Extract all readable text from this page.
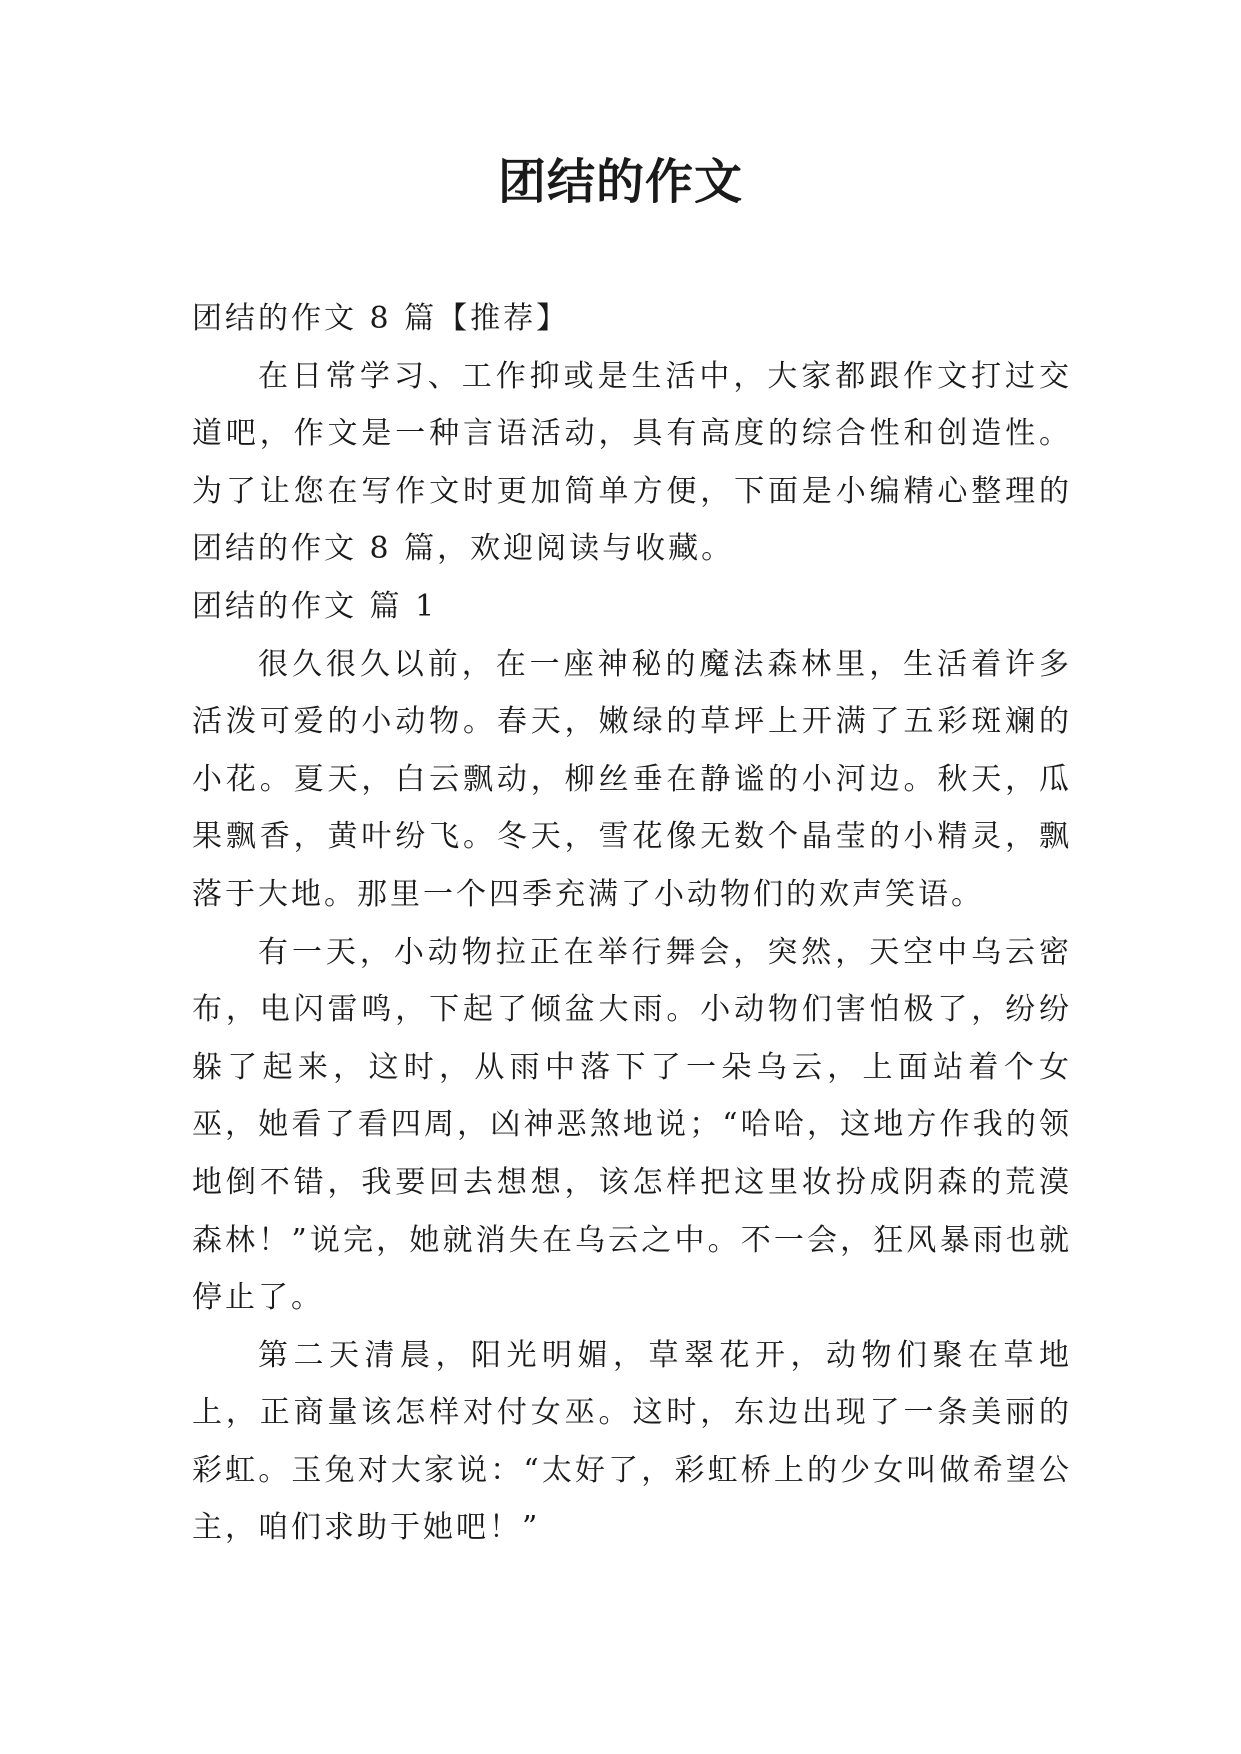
团结的作文

团结的作文 8 篇【推荐】

在日常学习、工作抑或是生活中，大家都跟作文打过交道吧，作文是一种言语活动，具有高度的综合性和创造性。为了让您在写作文时更加简单方便，下面是小编精心整理的团结的作文 8 篇，欢迎阅读与收藏。

团结的作文 篇 1

很久很久以前，在一座神秘的魔法森林里，生活着许多活泼可爱的小动物。春天，嫩绿的草坪上开满了五彩斑斓的小花。夏天，白云飘动，柳丝垂在静谧的小河边。秋天，瓜果飘香，黄叶纷飞。冬天，雪花像无数个晶莹的小精灵，飘落于大地。那里一个四季充满了小动物们的欢声笑语。

有一天，小动物拉正在举行舞会，突然，天空中乌云密布，电闪雷鸣，下起了倾盆大雨。小动物们害怕极了，纷纷躲了起来，这时，从雨中落下了一朵乌云，上面站着个女巫，她看了看四周，凶神恶煞地说；“哈哈，这地方作我的领地倒不错，我要回去想想，该怎样把这里妆扮成阴森的荒漠森林！”说完，她就消失在乌云之中。不一会，狂风暴雨也就停止了。

第二天清晨，阳光明媚，草翠花开，动物们聚在草地上，正商量该怎样对付女巫。这时，东边出现了一条美丽的彩虹。玉兔对大家说：“太好了，彩虹桥上的少女叫做希望公主，咱们求助于她吧！”
